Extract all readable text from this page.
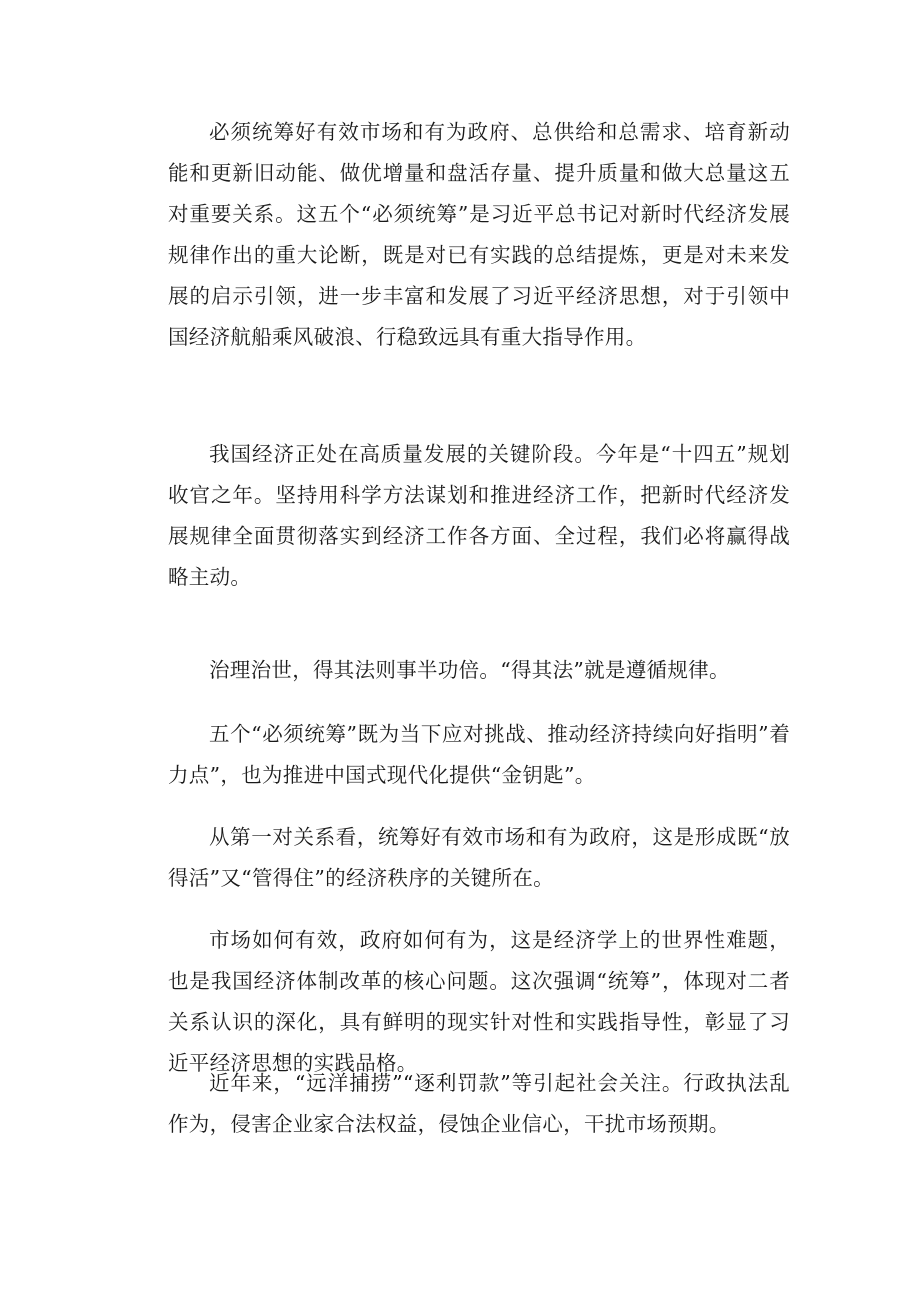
必须统筹好有效市场和有为政府、总供给和总需求、培育新动能和更新旧动能、做优增量和盘活存量、提升质量和做大总量这五对重要关系。这五个“必须统筹”是习近平总书记对新时代经济发展规律作出的重大论断，既是对已有实践的总结提炼，更是对未来发展的启示引领，进一步丰富和发展了习近平经济思想，对于引领中国经济航船乘风破浪、行稳致远具有重大指导作用。

我国经济正处在高质量发展的关键阶段。今年是“十四五”规划收官之年。坚持用科学方法谋划和推进经济工作，把新时代经济发展规律全面贯彻落实到经济工作各方面、全过程，我们必将赢得战略主动。

治理治世，得其法则事半功倍。“得其法”就是遵循规律。

五个“必须统筹”既为当下应对挑战、推动经济持续向好指明”着力点”，也为推进中国式现代化提供“金钥匙”。

从第一对关系看，统筹好有效市场和有为政府，这是形成既“放得活”又“管得住”的经济秩序的关键所在。

市场如何有效，政府如何有为，这是经济学上的世界性难题，也是我国经济体制改革的核心问题。这次强调“统筹”，体现对二者关系认识的深化，具有鲜明的现实针对性和实践指导性，彰显了习近平经济思想的实践品格。

近年来，“远洋捕捞”“逐利罚款”等引起社会关注。行政执法乱作为，侵害企业家合法权益，侵蚀企业信心，干扰市场预期。
